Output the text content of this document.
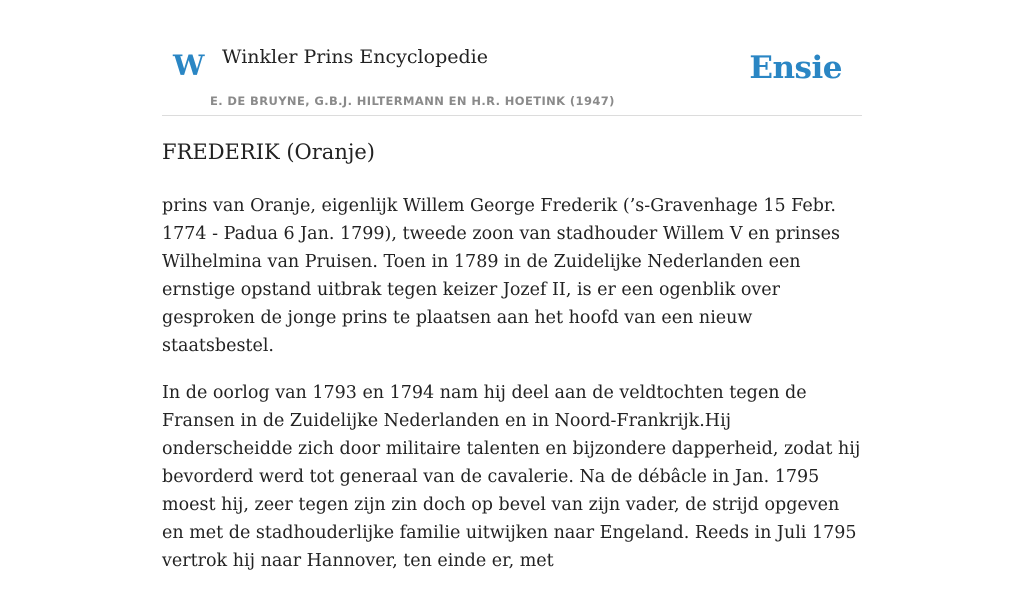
W Winkler Prins Encyclopedie
E. DE BRUYNE, G.B.J. HILTERMANN EN H.R. HOETINK (1947)
Ensie
FREDERIK (Oranje)

prins van Oranje, eigenlijk Willem George Frederik (’s-Gravenhage 15 Febr. 1774 - Padua 6 Jan. 1799), tweede zoon van stadhouder Willem V en prinses Wilhelmina van Pruisen. Toen in 1789 in de Zuidelijke Nederlanden een ernstige opstand uitbrak tegen keizer Jozef II, is er een ogenblik over gesproken de jonge prins te plaatsen aan het hoofd van een nieuw staatsbestel.

In de oorlog van 1793 en 1794 nam hij deel aan de veldtochten tegen de Fransen in de Zuidelijke Nederlanden en in Noord-Frankrijk.Hij onderscheidde zich door militaire talenten en bijzondere dapperheid, zodat hij bevorderd werd tot generaal van de cavalerie. Na de débâcle in Jan. 1795 moest hij, zeer tegen zijn zin doch op bevel van zijn vader, de strijd opgeven en met de stadhouderlijke familie uitwijken naar Engeland. Reeds in Juli 1795 vertrok hij naar Hannover, ten einde er, met
